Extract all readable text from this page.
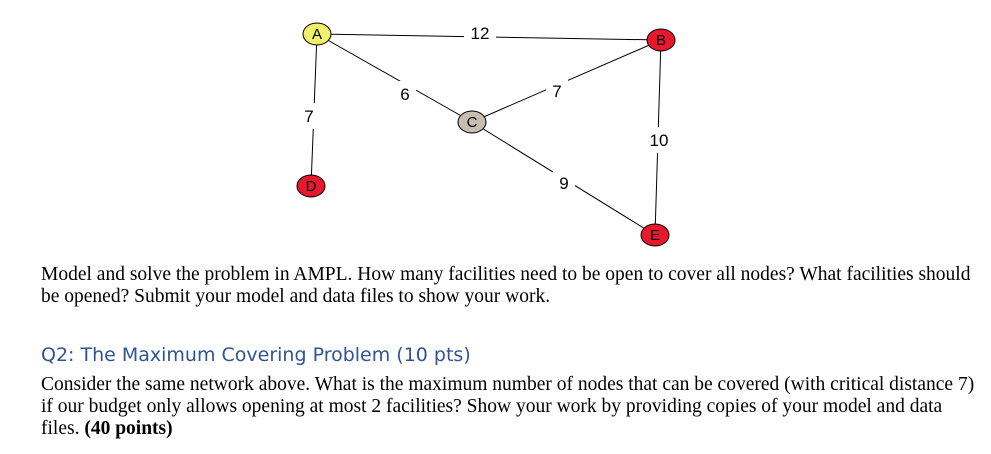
12
6	7
7
10
9
A	B
C
D
E

Model and solve the problem in AMPL. How many facilities need to be open to cover all nodes? What facilities should be opened? Submit your model and data files to show your work.

Q2: The Maximum Covering Problem (10 pts)

Consider the same network above. What is the maximum number of nodes that can be covered (with critical distance 7) if our budget only allows opening at most 2 facilities? Show your work by providing copies of your model and data files. (40 points)
